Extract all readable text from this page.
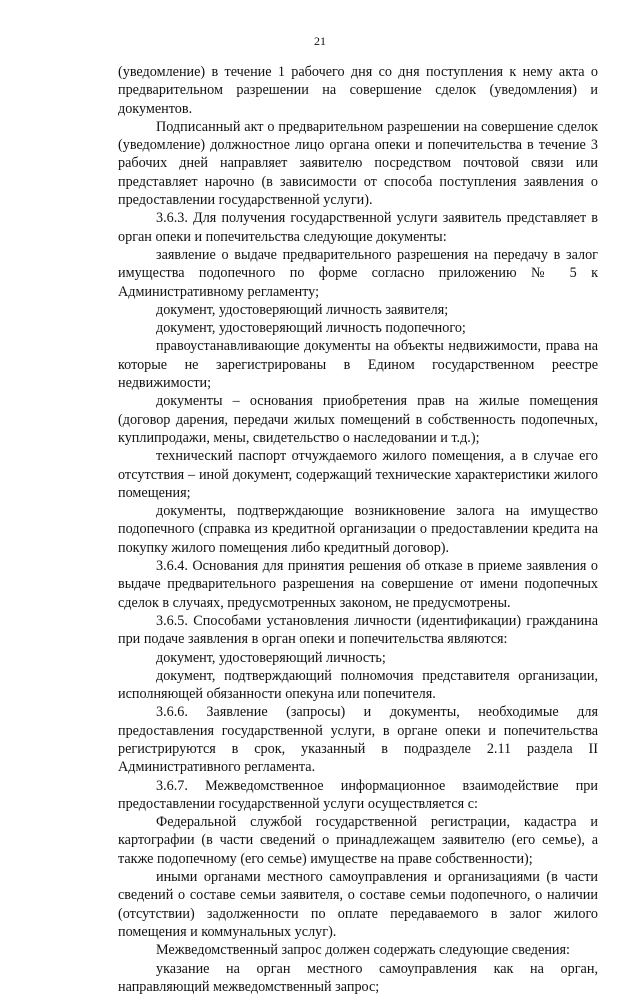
21

(уведомление) в течение 1 рабочего дня со дня поступления к нему акта о предварительном разрешении на совершение сделок (уведомления) и документов.

Подписанный акт о предварительном разрешении на совершение сделок (уведомление) должностное лицо органа опеки и попечительства в течение 3 рабочих дней направляет заявителю посредством почтовой связи или представляет нарочно (в зависимости от способа поступления заявления о предоставлении государственной услуги).

3.6.3. Для получения государственной услуги заявитель представляет в орган опеки и попечительства следующие документы:

заявление о выдаче предварительного разрешения на передачу в залог имущества подопечного по форме согласно приложению № 5 к Административному регламенту;

документ, удостоверяющий личность заявителя;

документ, удостоверяющий личность подопечного;

правоустанавливающие документы на объекты недвижимости, права на которые не зарегистрированы в Едином государственном реестре недвижимости;

документы – основания приобретения прав на жилые помещения (договор дарения, передачи жилых помещений в собственность подопечных, куплипродажи, мены, свидетельство о наследовании и т.д.);

технический паспорт отчуждаемого жилого помещения, а в случае его отсутствия – иной документ, содержащий технические характеристики жилого помещения;

документы, подтверждающие возникновение залога на имущество подопечного (справка из кредитной организации о предоставлении кредита на покупку жилого помещения либо кредитный договор).

3.6.4. Основания для принятия решения об отказе в приеме заявления о выдаче предварительного разрешения на совершение от имени подопечных сделок в случаях, предусмотренных законом, не предусмотрены.

3.6.5. Способами установления личности (идентификации) гражданина при подаче заявления в орган опеки и попечительства являются:

документ, удостоверяющий личность;

документ, подтверждающий полномочия представителя организации, исполняющей обязанности опекуна или попечителя.

3.6.6. Заявление (запросы) и документы, необходимые для предоставления государственной услуги, в органе опеки и попечительства регистрируются в срок, указанный в подразделе 2.11 раздела II Административного регламента.

3.6.7. Межведомственное информационное взаимодействие при предоставлении государственной услуги осуществляется с:

Федеральной службой государственной регистрации, кадастра и картографии (в части сведений о принадлежащем заявителю (его семье), а также подопечному (его семье) имуществе на праве собственности);

иными органами местного самоуправления и организациями (в части сведений о составе семьи заявителя, о составе семьи подопечного, о наличии (отсутствии) задолженности по оплате передаваемого в залог жилого помещения и коммунальных услуг).

Межведомственный запрос должен содержать следующие сведения:

указание на орган местного самоуправления как на орган, направляющий межведомственный запрос;
